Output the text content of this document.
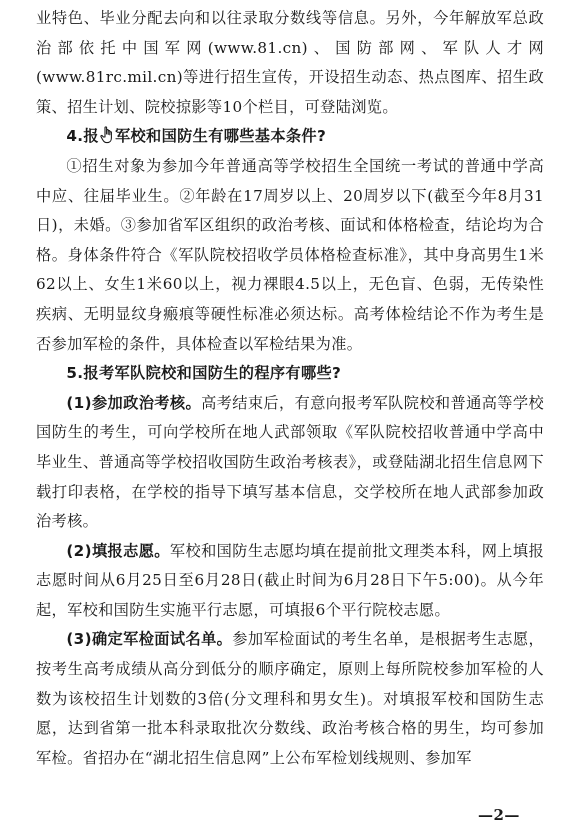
业特色、毕业分配去向和以往录取分数线等信息。另外，今年解放军总政治部依托中国军网(www.81.cn)、国防部网、军队人才网(www.81rc.mil.cn)等进行招生宣传，开设招生动态、热点图库、招生政策、招生计划、院校掠影等10个栏目，可登陆浏览。

4.报 军校和国防生有哪些基本条件?

①招生对象为参加今年普通高等学校招生全国统一考试的普通中学高中应、往届毕业生。②年龄在17周岁以上、20周岁以下(截至今年8月31日)，未婚。③参加省军区组织的政治考核、面试和体格检查，结论均为合格。身体条件符合《军队院校招收学员体格检查标准》，其中身高男生1米62以上、女生1米60以上，视力裸眼4.5以上，无色盲、色弱，无传染性疾病、无明显纹身瘢痕等硬性标准必须达标。高考体检结论不作为考生是否参加军检的条件，具体检查以军检结果为准。

5.报考军队院校和国防生的程序有哪些?

(1)参加政治考核。高考结束后，有意向报考军队院校和普通高等学校国防生的考生，可向学校所在地人武部领取《军队院校招收普通中学高中毕业生、普通高等学校招收国防生政治考核表》，或登陆湖北招生信息网下载打印表格，在学校的指导下填写基本信息，交学校所在地人武部参加政治考核。

(2)填报志愿。军校和国防生志愿均填在提前批文理类本科，网上填报志愿时间从6月25日至6月28日(截止时间为6月28日下午5:00)。从今年起，军校和国防生实施平行志愿，可填报6个平行院校志愿。

(3)确定军检面试名单。参加军检面试的考生名单，是根据考生志愿，按考生高考成绩从高分到低分的顺序确定，原则上每所院校参加军检的人数为该校招生计划数的3倍(分文理科和男女生)。对填报军校和国防生志愿，达到省第一批本科录取批次分数线、政治考核合格的男生，均可参加军检。省招办在“湖北招生信息网”上公布军检划线规则、参加军

—2—
